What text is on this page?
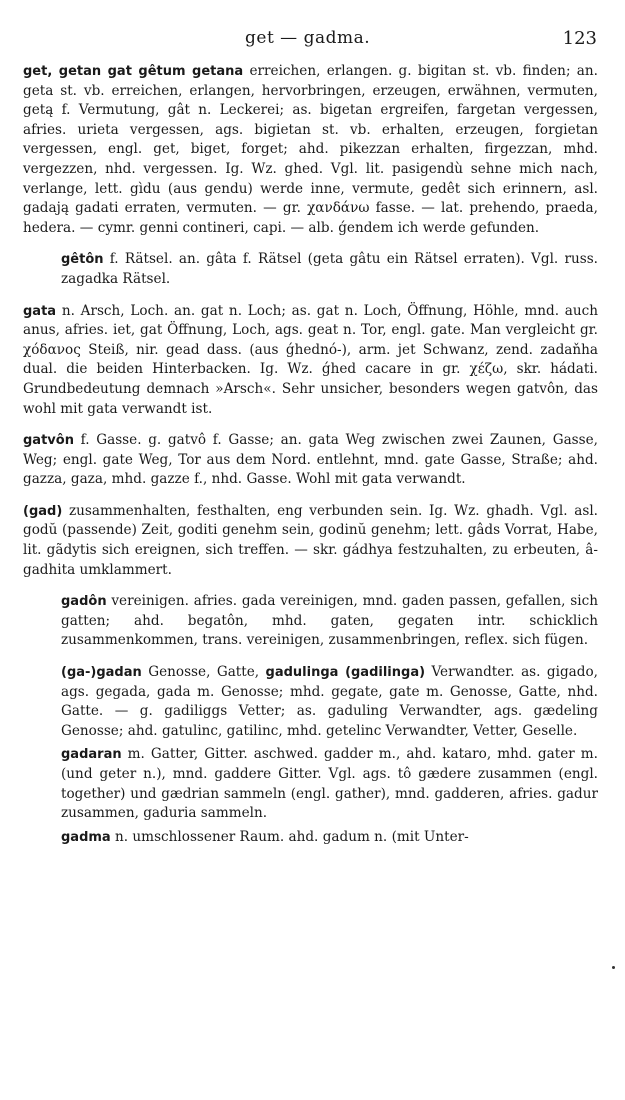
get — gadma.	123

get, getan gat gêtum getana erreichen, erlangen. g. bigitan st. vb. finden; an. geta st. vb. erreichen, erlangen, hervorbringen, erzeugen, erwähnen, vermuten, getą f. Vermutung, gât n. Leckerei; as. bigetan ergreifen, fargetan vergessen, afries. urieta vergessen, ags. bigietan st. vb. erhalten, erzeugen, forgietan vergessen, engl. get, biget, forget; ahd. pikezzan erhalten, firgezzan, mhd. vergezzen, nhd. vergessen. Ig. Wz. ghed. Vgl. lit. pasigendù sehne mich nach, verlange, lett. gìdu (aus gendu) werde inne, vermute, gedêt sich erinnern, asl. gadają gadati erraten, vermuten. — gr. χανδάνω fasse. — lat. prehendo, praeda, hedera. — cymr. genni contineri, capi. — alb. ǵendem ich werde gefunden.

gêtôn f. Rätsel. an. gâta f. Rätsel (geta gâtu ein Rätsel erraten). Vgl. russ. zagadka Rätsel.

gata n. Arsch, Loch. an. gat n. Loch; as. gat n. Loch, Öffnung, Höhle, mnd. auch anus, afries. iet, gat Öffnung, Loch, ags. geat n. Tor, engl. gate. Man vergleicht gr. χόδανος Steiß, nir. gead dass. (aus ǵhednó-), arm. jet Schwanz, zend. zadaňha dual. die beiden Hinterbacken. Ig. Wz. ǵhed cacare in gr. χέζω, skr. hádati. Grundbedeutung demnach »Arsch«. Sehr unsicher, besonders wegen gatvôn, das wohl mit gata verwandt ist.

gatvôn f. Gasse. g. gatvô f. Gasse; an. gata Weg zwischen zwei Zaunen, Gasse, Weg; engl. gate Weg, Tor aus dem Nord. entlehnt, mnd. gate Gasse, Straße; ahd. gazza, gaza, mhd. gazze f., nhd. Gasse. Wohl mit gata verwandt.

(gad) zusammenhalten, festhalten, eng verbunden sein. Ig. Wz. ghadh. Vgl. asl. godŭ (passende) Zeit, goditi genehm sein, godinŭ genehm; lett. gâds Vorrat, Habe, lit. gãdytis sich ereignen, sich treffen. — skr. gádhya festzuhalten, zu erbeuten, â-gadhita umklammert.

gadôn vereinigen. afries. gada vereinigen, mnd. gaden passen, gefallen, sich gatten; ahd. begatôn, mhd. gaten, gegaten intr. schicklich zusammenkommen, trans. vereinigen, zusammenbringen, reflex. sich fügen.

(ga-)gadan Genosse, Gatte, gadulinga (gadilinga) Verwandter. as. gigado, ags. gegada, gada m. Genosse; mhd. gegate, gate m. Genosse, Gatte, nhd. Gatte. — g. gadiliggs Vetter; as. gaduling Verwandter, ags. gædeling Genosse; ahd. gatulinc, gatilinc, mhd. getelinc Verwandter, Vetter, Geselle.

gadaran m. Gatter, Gitter. aschwed. gadder m., ahd. kataro, mhd. gater m. (und geter n.), mnd. gaddere Gitter. Vgl. ags. tô gædere zusammen (engl. together) und gædrian sammeln (engl. gather), mnd. gadderen, afries. gadur zusammen, gaduria sammeln.

gadma n. umschlossener Raum. ahd. gadum n. (mit Unter-
